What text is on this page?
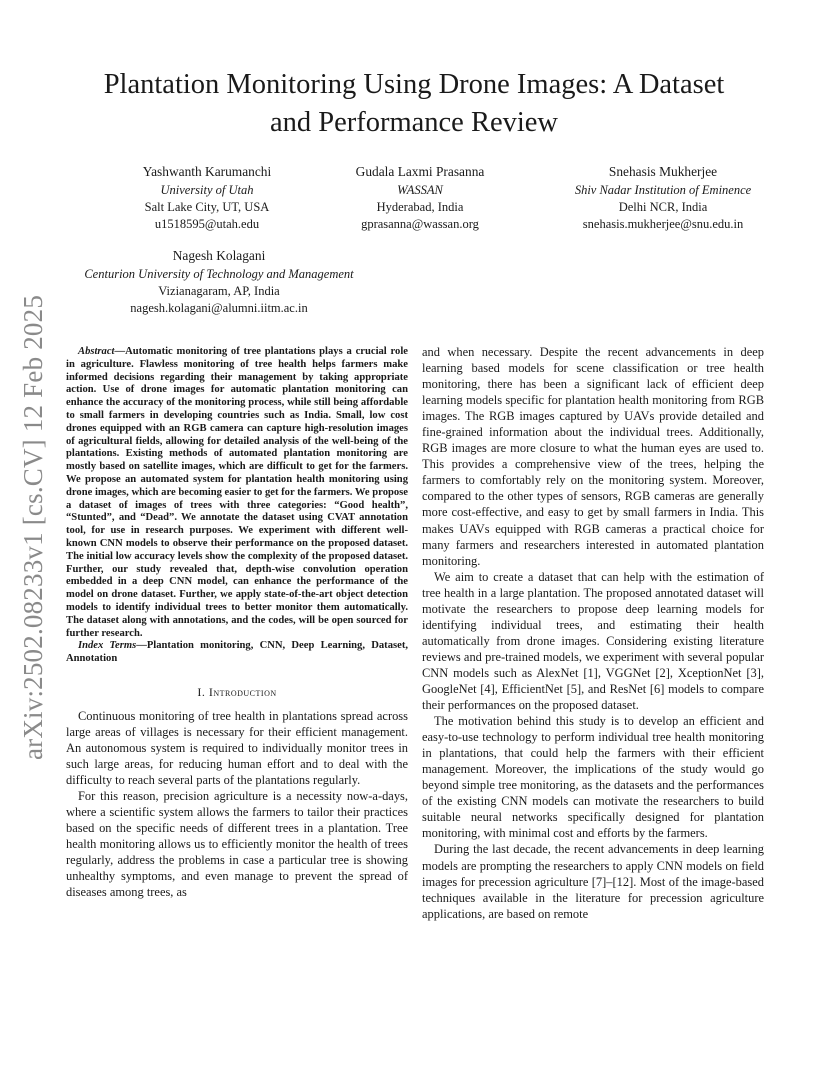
arXiv:2502.08233v1 [cs.CV] 12 Feb 2025
Plantation Monitoring Using Drone Images: A Dataset and Performance Review
Yashwanth Karumanchi
University of Utah
Salt Lake City, UT, USA
u1518595@utah.edu
Gudala Laxmi Prasanna
WASSAN
Hyderabad, India
gprasanna@wassan.org
Snehasis Mukherjee
Shiv Nadar Institution of Eminence
Delhi NCR, India
snehasis.mukherjee@snu.edu.in
Nagesh Kolagani
Centurion University of Technology and Management
Vizianagaram, AP, India
nagesh.kolagani@alumni.iitm.ac.in

Abstract—Automatic monitoring of tree plantations plays a crucial role in agriculture. Flawless monitoring of tree health helps farmers make informed decisions regarding their management by taking appropriate action. Use of drone images for automatic plantation monitoring can enhance the accuracy of the monitoring process, while still being affordable to small farmers in developing countries such as India. Small, low cost drones equipped with an RGB camera can capture high-resolution images of agricultural fields, allowing for detailed analysis of the well-being of the plantations. Existing methods of automated plantation monitoring are mostly based on satellite images, which are difficult to get for the farmers. We propose an automated system for plantation health monitoring using drone images, which are becoming easier to get for the farmers. We propose a dataset of images of trees with three categories: “Good health”, “Stunted”, and “Dead”. We annotate the dataset using CVAT annotation tool, for use in research purposes. We experiment with different well-known CNN models to observe their performance on the proposed dataset. The initial low accuracy levels show the complexity of the proposed dataset. Further, our study revealed that, depth-wise convolution operation embedded in a deep CNN model, can enhance the performance of the model on drone dataset. Further, we apply state-of-the-art object detection models to identify individual trees to better monitor them automatically. The dataset along with annotations, and the codes, will be open sourced for further research.

Index Terms—Plantation monitoring, CNN, Deep Learning, Dataset, Annotation

I. Introduction

Continuous monitoring of tree health in plantations spread across large areas of villages is necessary for their efficient management. An autonomous system is required to individually monitor trees in such large areas, for reducing human effort and to deal with the difficulty to reach several parts of the plantations regularly.

For this reason, precision agriculture is a necessity now-a-days, where a scientific system allows the farmers to tailor their practices based on the specific needs of different trees in a plantation. Tree health monitoring allows us to efficiently monitor the health of trees regularly, address the problems in case a particular tree is showing unhealthy symptoms, and even manage to prevent the spread of diseases among trees, as

and when necessary. Despite the recent advancements in deep learning based models for scene classification or tree health monitoring, there has been a significant lack of efficient deep learning models specific for plantation health monitoring from RGB images. The RGB images captured by UAVs provide detailed and fine-grained information about the individual trees. Additionally, RGB images are more closure to what the human eyes are used to. This provides a comprehensive view of the trees, helping the farmers to comfortably rely on the monitoring system. Moreover, compared to the other types of sensors, RGB cameras are generally more cost-effective, and easy to get by small farmers in India. This makes UAVs equipped with RGB cameras a practical choice for many farmers and researchers interested in automated plantation monitoring.

We aim to create a dataset that can help with the estimation of tree health in a large plantation. The proposed annotated dataset will motivate the researchers to propose deep learning models for identifying individual trees, and estimating their health automatically from drone images. Considering existing literature reviews and pre-trained models, we experiment with several popular CNN models such as AlexNet [1], VGGNet [2], XceptionNet [3], GoogleNet [4], EfficientNet [5], and ResNet [6] models to compare their performances on the proposed dataset.

The motivation behind this study is to develop an efficient and easy-to-use technology to perform individual tree health monitoring in plantations, that could help the farmers with their efficient management. Moreover, the implications of the study would go beyond simple tree monitoring, as the datasets and the performances of the existing CNN models can motivate the researchers to build suitable neural networks specifically designed for plantation monitoring, with minimal cost and efforts by the farmers.

During the last decade, the recent advancements in deep learning models are prompting the researchers to apply CNN models on field images for precession agriculture [7]–[12]. Most of the image-based techniques available in the literature for precession agriculture applications, are based on remote
